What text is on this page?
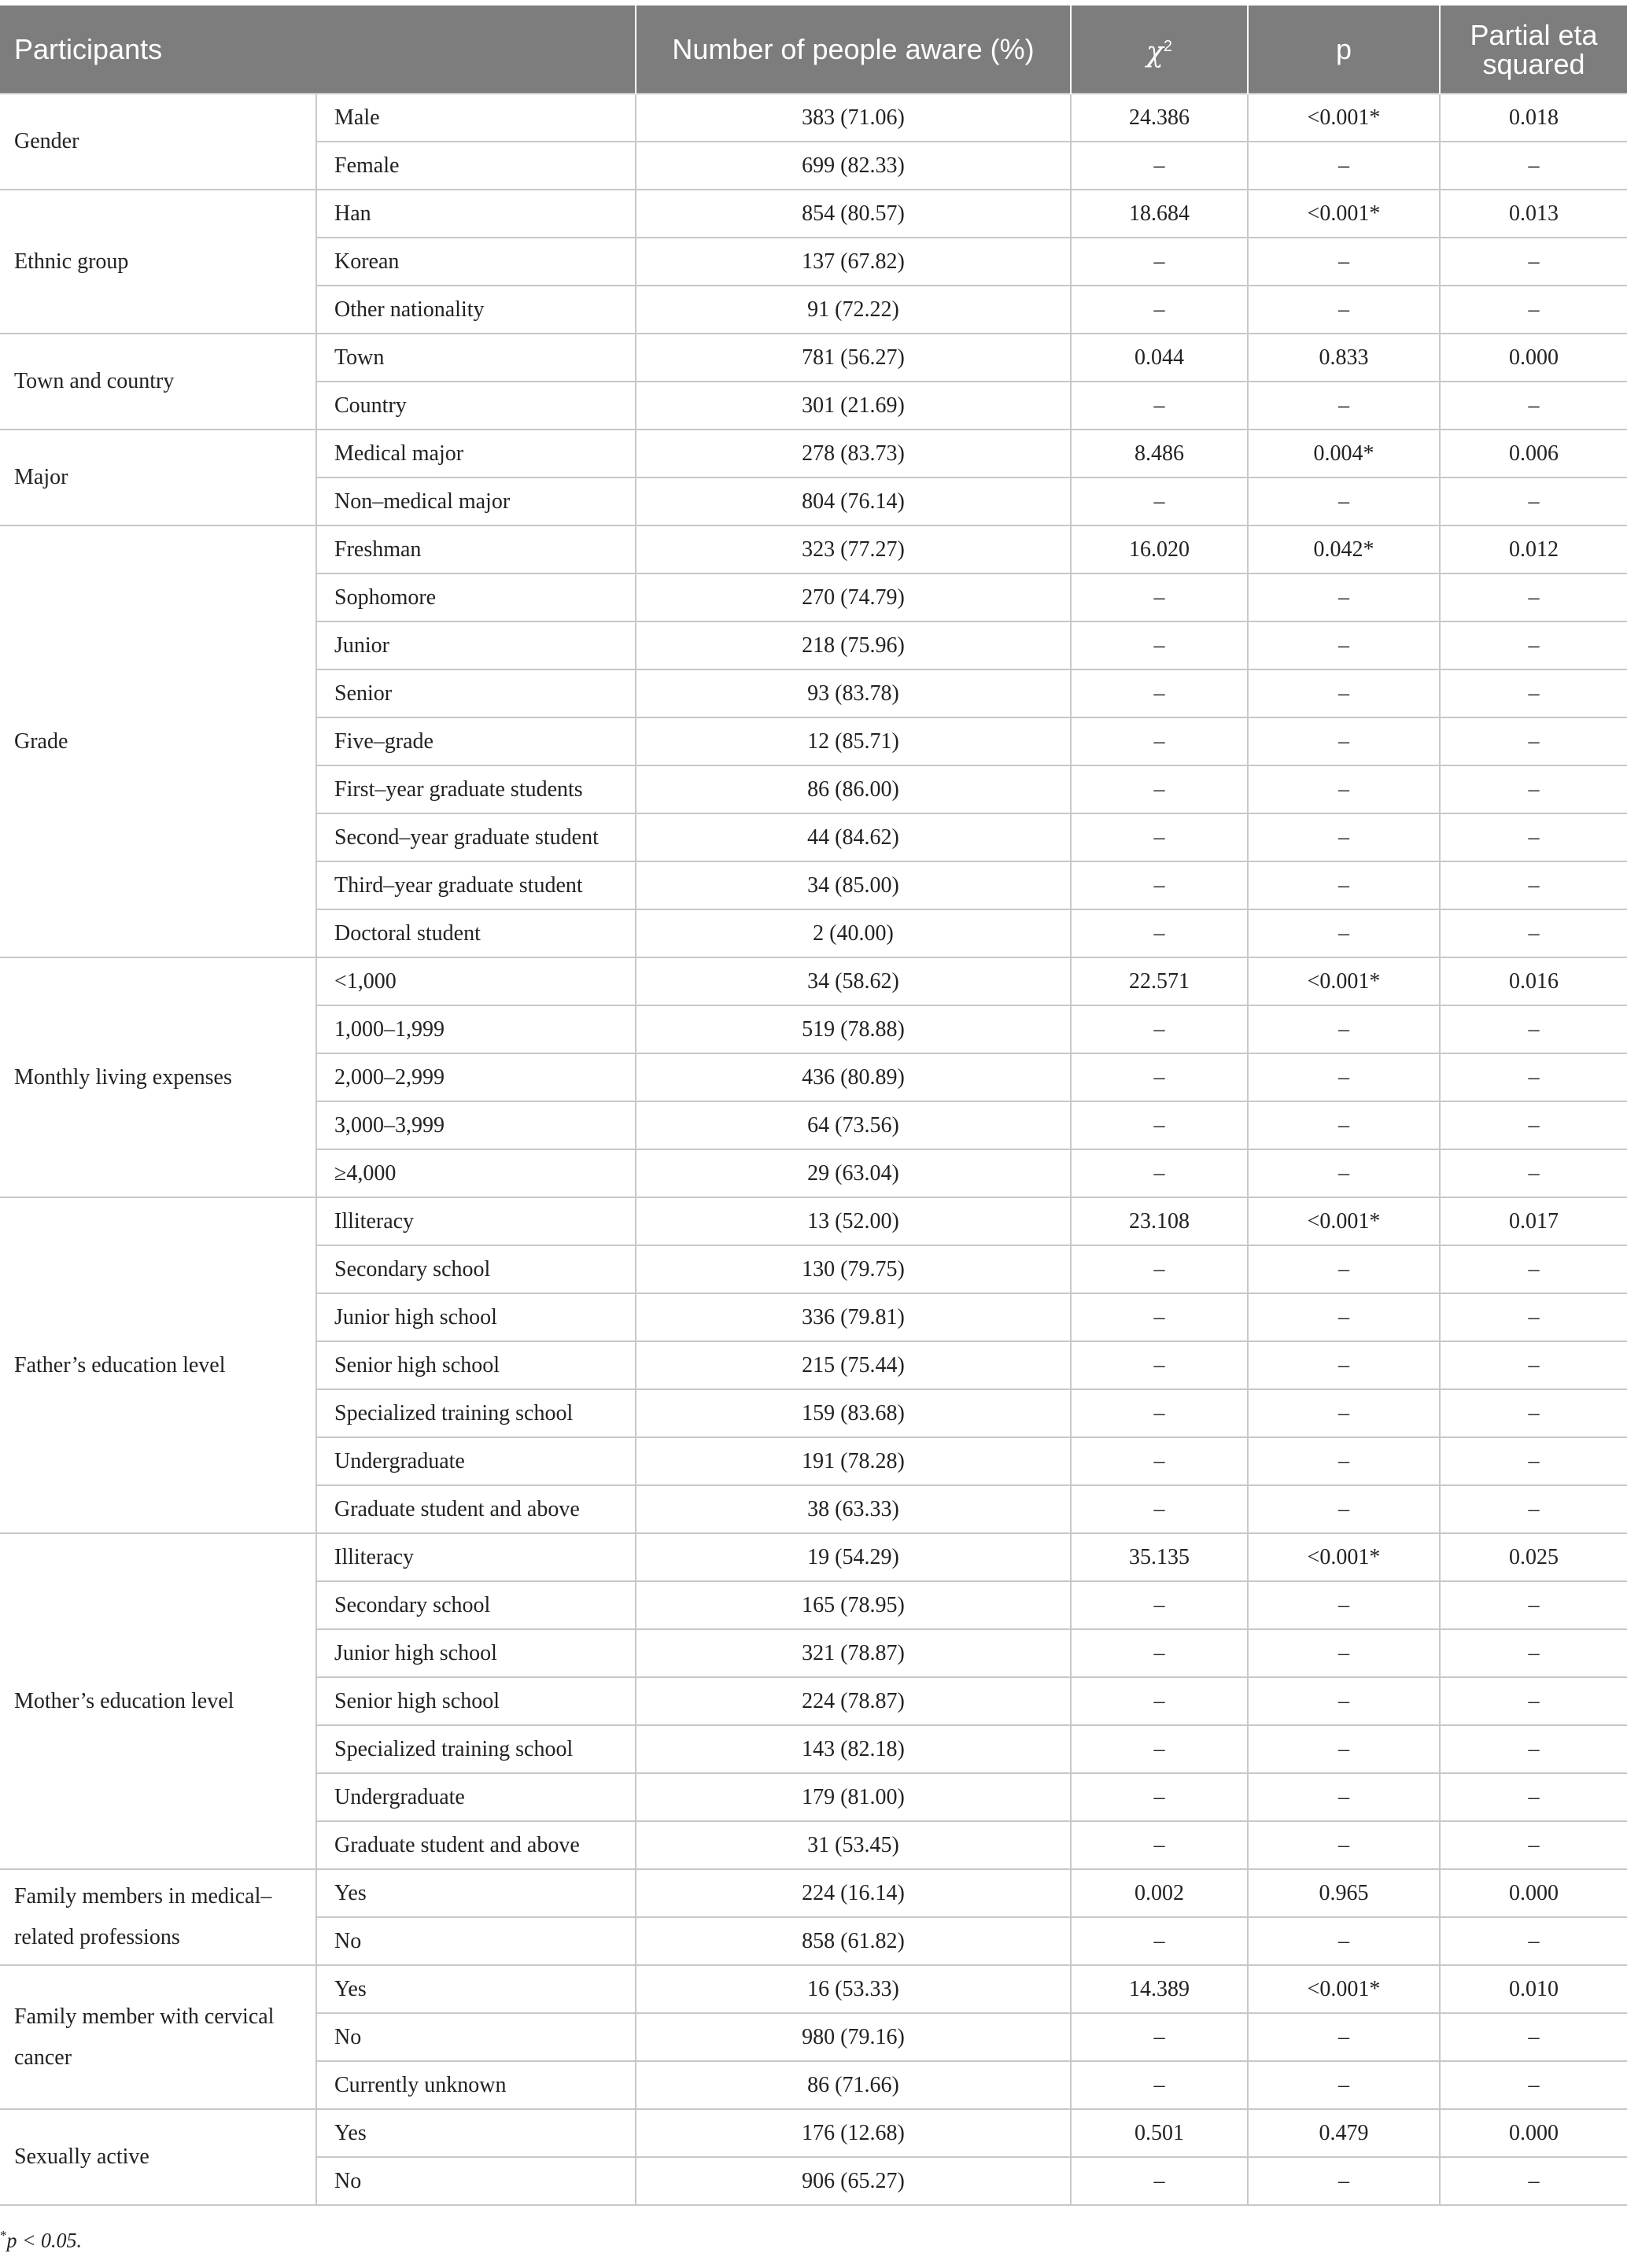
Participants		Number of people aware (%)	$\chi^2$	p	Partial eta squared
Gender	Male	383 (71.06)	24.386	<0.001*	0.018
	Female	699 (82.33)	–	–	–
Ethnic group	Han	854 (80.57)	18.684	<0.001*	0.013
	Korean	137 (67.82)	–	–	–
	Other nationality	91 (72.22)	–	–	–
Town and country	Town	781 (56.27)	0.044	0.833	0.000
	Country	301 (21.69)	–	–	–
Major	Medical major	278 (83.73)	8.486	0.004*	0.006
	Non–medical major	804 (76.14)	–	–	–
Grade	Freshman	323 (77.27)	16.020	0.042*	0.012
	Sophomore	270 (74.79)	–	–	–
	Junior	218 (75.96)	–	–	–
	Senior	93 (83.78)	–	–	–
	Five–grade	12 (85.71)	–	–	–
	First–year graduate students	86 (86.00)	–	–	–
	Second–year graduate student	44 (84.62)	–	–	–
	Third–year graduate student	34 (85.00)	–	–	–
	Doctoral student	2 (40.00)	–	–	–
Monthly living expenses	<1,000	34 (58.62)	22.571	<0.001*	0.016
	1,000–1,999	519 (78.88)	–	–	–
	2,000–2,999	436 (80.89)	–	–	–
	3,000–3,999	64 (73.56)	–	–	–
	≥4,000	29 (63.04)	–	–	–
Father’s education level	Illiteracy	13 (52.00)	23.108	<0.001*	0.017
	Secondary school	130 (79.75)	–	–	–
	Junior high school	336 (79.81)	–	–	–
	Senior high school	215 (75.44)	–	–	–
	Specialized training school	159 (83.68)	–	–	–
	Undergraduate	191 (78.28)	–	–	–
	Graduate student and above	38 (63.33)	–	–	–
Mother’s education level	Illiteracy	19 (54.29)	35.135	<0.001*	0.025
	Secondary school	165 (78.95)	–	–	–
	Junior high school	321 (78.87)	–	–	–
	Senior high school	224 (78.87)	–	–	–
	Specialized training school	143 (82.18)	–	–	–
	Undergraduate	179 (81.00)	–	–	–
	Graduate student and above	31 (53.45)	–	–	–
Family members in medical–related professions	Yes	224 (16.14)	0.002	0.965	0.000
	No	858 (61.82)	–	–	–
Family member with cervical cancer	Yes	16 (53.33)	14.389	<0.001*	0.010
	No	980 (79.16)	–	–	–
	Currently unknown	86 (71.66)	–	–	–
Sexually active	Yes	176 (12.68)	0.501	0.479	0.000
	No	906 (65.27)	–	–	–
*p < 0.05.
